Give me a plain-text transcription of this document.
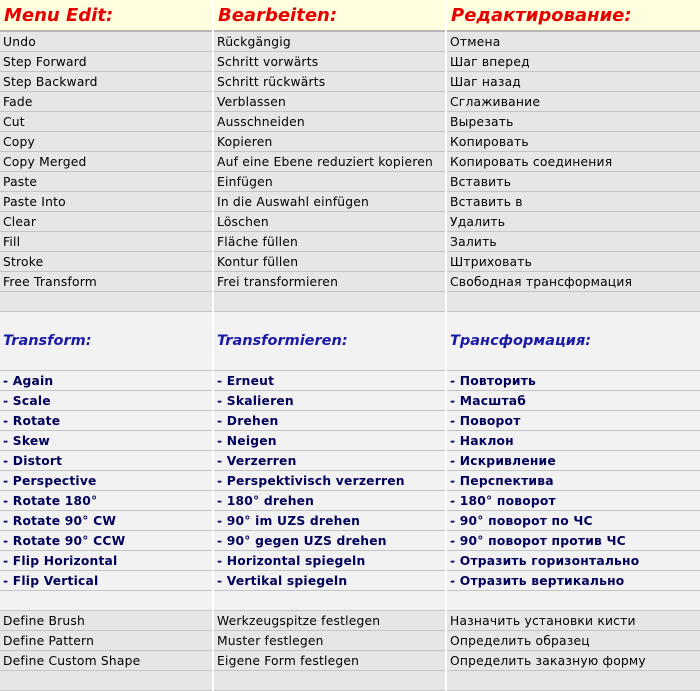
Menu Edit:	Bearbeiten:	Редактирование:
Undo	Rückgängig	Отмена
Step Forward	Schritt vorwärts	Шаг вперед
Step Backward	Schritt rückwärts	Шаг назад
Fade	Verblassen	Сглаживание
Cut	Ausschneiden	Вырезать
Copy	Kopieren	Копировать
Copy Merged	Auf eine Ebene reduziert kopieren	Копировать соединения
Paste	Einfügen	Вставить
Paste Into	In die Auswahl einfügen	Вставить в
Clear	Löschen	Удалить
Fill	Fläche füllen	Залить
Stroke	Kontur füllen	Штриховать
Free Transform	Frei transformieren	Свободная трансформация

Transform:	Transformieren:	Трансформация:
- Again	- Erneut	- Повторить
- Scale	- Skalieren	- Масштаб
- Rotate	- Drehen	- Поворот
- Skew	- Neigen	- Наклон
- Distort	- Verzerren	- Искривление
- Perspective	- Perspektivisch verzerren	- Перспектива
- Rotate 180°	- 180° drehen	- 180° поворот
- Rotate 90° CW	- 90° im UZS drehen	- 90° поворот по ЧС
- Rotate 90° CCW	- 90° gegen UZS drehen	- 90° поворот против ЧС
- Flip Horizontal	- Horizontal spiegeln	- Отразить горизонтально
- Flip Vertical	- Vertikal spiegeln	- Отразить вертикально

Define Brush	Werkzeugspitze festlegen	Назначить установки кисти
Define Pattern	Muster festlegen	Определить образец
Define Custom Shape	Eigene Form festlegen	Определить заказную форму
